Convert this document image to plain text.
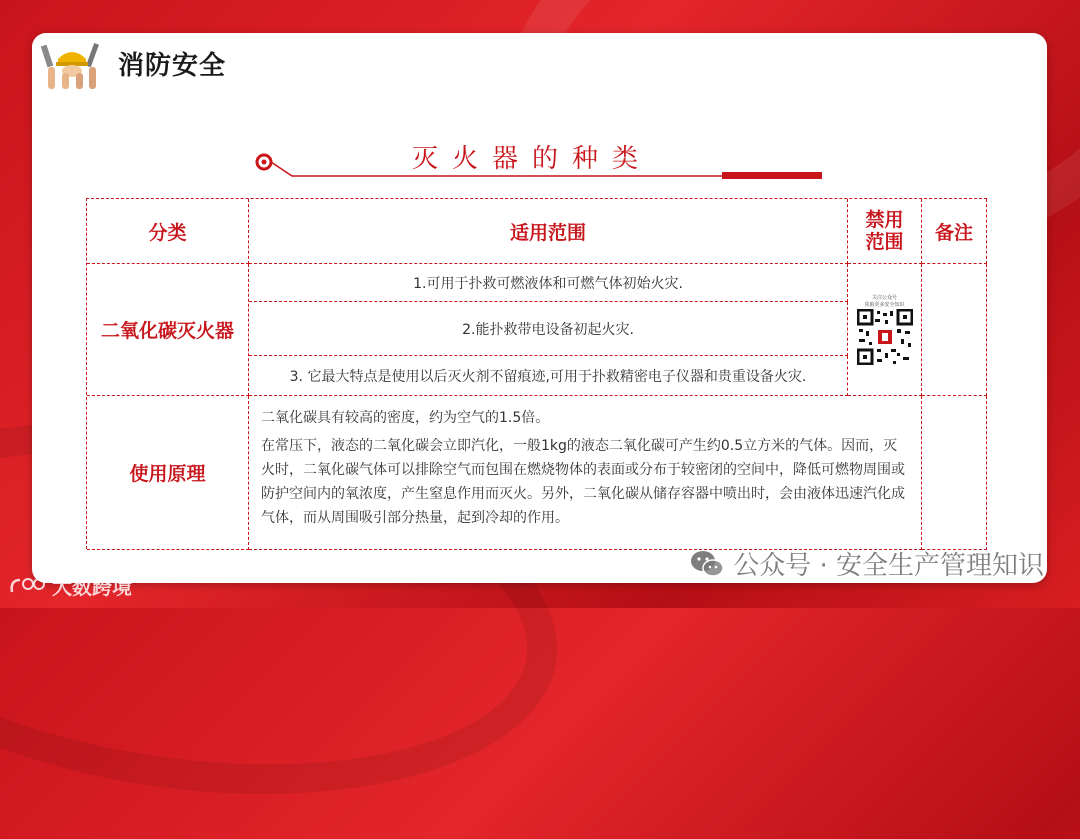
消防安全
灭火器的种类
分类	适用范围
禁用
范围	备注
二氧化碳灭火器
1.可用于扑救可燃液体和可燃气体初始火灾.
2.能扑救带电设备初起火灾.
3. 它最大特点是使用以后灭火剂不留痕迹,可用于扑救精密电子仪器和贵重设备火灾.
关注公众号
获取更多安全知识
使用原理

二氧化碳具有较高的密度，约为空气的1.5倍。

在常压下，液态的二氧化碳会立即汽化，一般1kg的液态二氧化碳可产生约0.5立方米的气体。因而，灭火时，二氧化碳气体可以排除空气而包围在燃烧物体的表面或分布于较密闭的空间中，降低可燃物周围或防护空间内的氧浓度，产生窒息作用而灭火。另外，二氧化碳从储存容器中喷出时，会由液体迅速汽化成气体，而从周围吸引部分热量，起到冷却的作用。

公众号 · 安全生产管理知识
大数跨境
